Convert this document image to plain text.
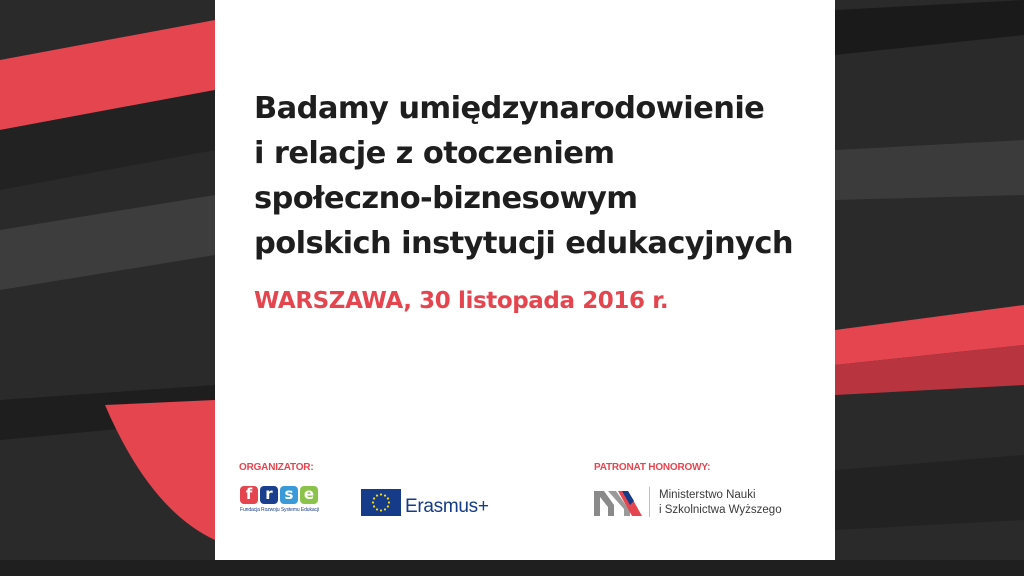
Badamy umiędzynarodowienie
i relacje z otoczeniem
społeczno-biznesowym
polskich instytucji edukacyjnych

WARSZAWA, 30 listopada 2016 r.

ORGANIZATOR:	PATRONAT HONOROWY:
f r s e
Fundacja Rozwoju Systemu Edukacji	Erasmus+
Ministerstwo Nauki
i Szkolnictwa Wyższego
